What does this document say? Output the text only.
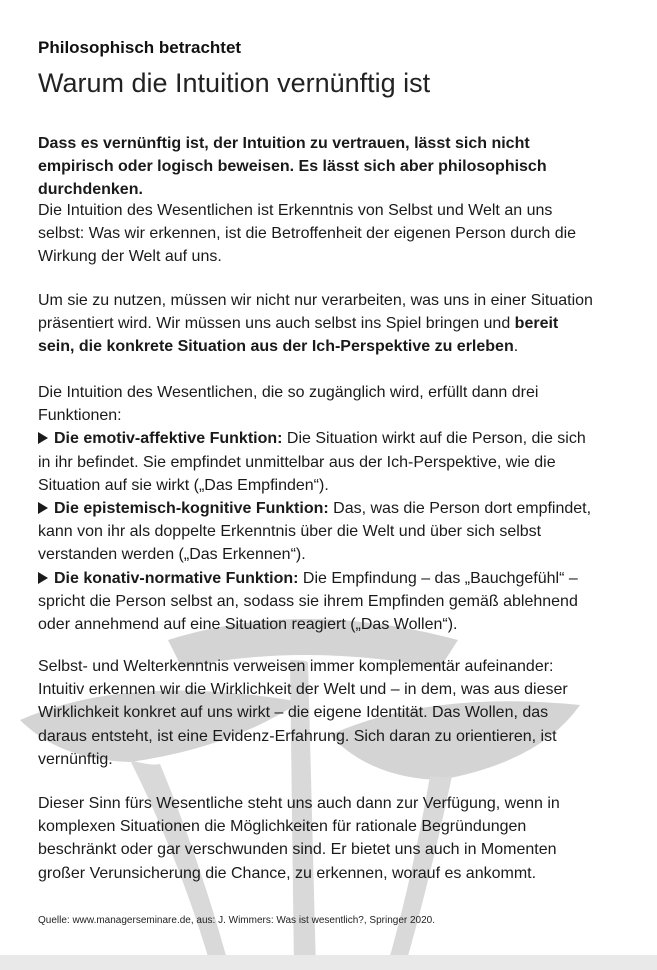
Philosophisch betrachtet
Warum die Intuition vernünftig ist

Dass es vernünftig ist, der Intuition zu vertrauen, lässt sich nicht empirisch oder logisch beweisen. Es lässt sich aber philosophisch durchdenken.

Die Intuition des Wesentlichen ist Erkenntnis von Selbst und Welt an uns selbst: Was wir erkennen, ist die Betroffenheit der eigenen Person durch die Wirkung der Welt auf uns.

Um sie zu nutzen, müssen wir nicht nur verarbeiten, was uns in einer Situation präsentiert wird. Wir müssen uns auch selbst ins Spiel bringen und bereit sein, die konkrete Situation aus der Ich-Perspektive zu erleben.

Die Intuition des Wesentlichen, die so zugänglich wird, erfüllt dann drei Funktionen:
Die emotiv-affektive Funktion: Die Situation wirkt auf die Person, die sich in ihr befindet. Sie empfindet unmittelbar aus der Ich-Perspektive, wie die Situation auf sie wirkt („Das Empfinden“).
Die epistemisch-kognitive Funktion: Das, was die Person dort empfindet, kann von ihr als doppelte Erkenntnis über die Welt und über sich selbst verstanden werden („Das Erkennen“).
Die konativ-normative Funktion: Die Empfindung – das „Bauchgefühl“ – spricht die Person selbst an, sodass sie ihrem Empfinden gemäß ablehnend oder annehmend auf eine Situation reagiert („Das Wollen“).

Selbst- und Welterkenntnis verweisen immer komplementär aufeinander: Intuitiv erkennen wir die Wirklichkeit der Welt und – in dem, was aus dieser Wirklichkeit konkret auf uns wirkt – die eigene Identität. Das Wollen, das daraus entsteht, ist eine Evidenz-Erfahrung. Sich daran zu orientieren, ist vernünftig.

Dieser Sinn fürs Wesentliche steht uns auch dann zur Verfügung, wenn in komplexen Situationen die Möglichkeiten für rationale Begründungen beschränkt oder gar verschwunden sind. Er bietet uns auch in Momenten großer Verunsicherung die Chance, zu erkennen, worauf es ankommt.

Quelle: www.managerseminare.de, aus: J. Wimmers: Was ist wesentlich?, Springer 2020.
